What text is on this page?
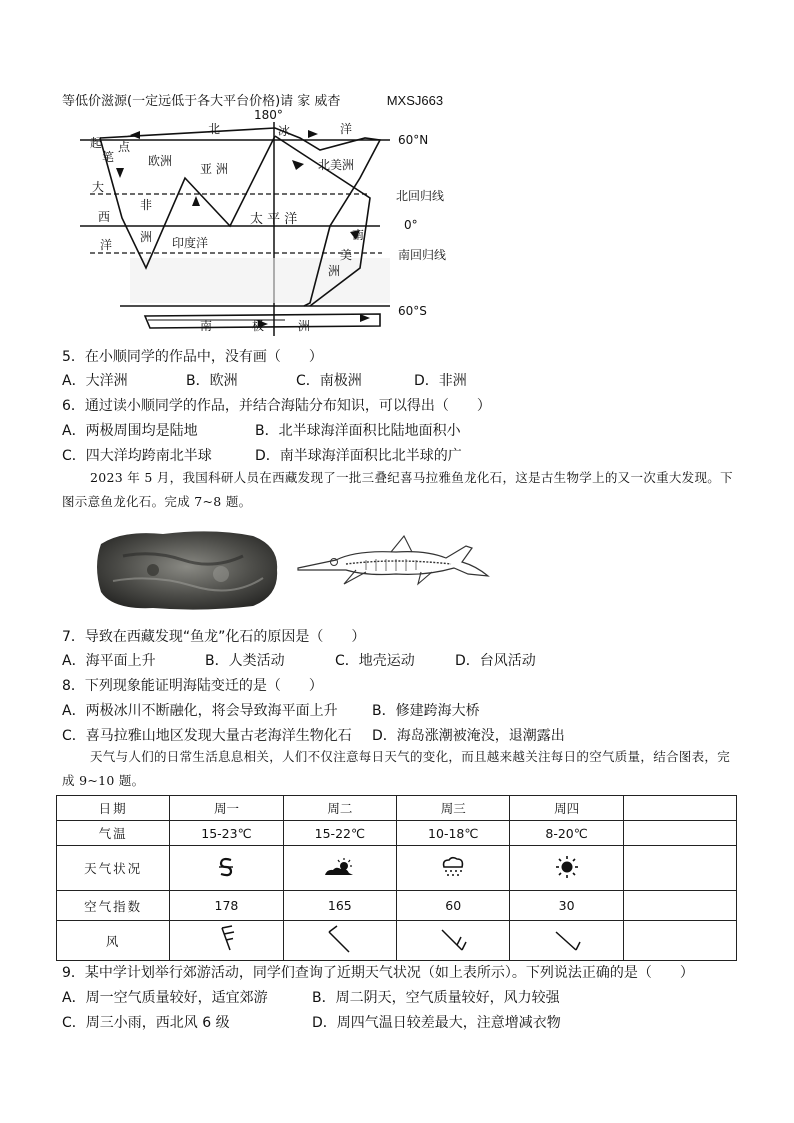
等低价滋源(一定远低于各大平台价格)请 家 威杳	MXSJ663
180°
60°N
北回归线
0°
南回归线
60°S
北	冰	洋
欧洲
亚 洲	北美洲
非
洲 印度洋
太 平 洋
南
美
洲
大
西
洋
起 点
笔
南	极	洲
5．在小顺同学的作品中，没有画（　　）
A．大洋洲	B．欧洲	C．南极洲	D．非洲
6．通过读小顺同学的作品，并结合海陆分布知识，可以得出（　　）
A．两极周围均是陆地	B．北半球海洋面积比陆地面积小
C．四大洋均跨南北半球	D．南半球海洋面积比北半球的广
2023 年 5 月，我国科研人员在西藏发现了一批三叠纪喜马拉雅鱼龙化石，这是古生物学上的又一次重大发现。下图示意鱼龙化石。完成 7~8 题。
7．导致在西藏发现“鱼龙”化石的原因是（　　）
A．海平面上升	B．人类活动	C．地壳运动	D．台风活动
8．下列现象能证明海陆变迁的是（　　）
A．两极冰川不断融化，将会导致海平面上升 B．修建跨海大桥
C．喜马拉雅山地区发现大量古老海洋生物化石 D．海岛涨潮被淹没，退潮露出
天气与人们的日常生活息息相关，人们不仅注意每日天气的变化，而且越来越关注每日的空气质量，结合图表，完成 9~10 题。
日期	周一	周二	周三	周四	
气温	15-23℃	15-22℃	10-18℃	8-20℃	
天气状况					
空气指数	178	165	60	30	
风					
9．某中学计划举行郊游活动，同学们查询了近期天气状况（如上表所示）。下列说法正确的是（　　）
A．周一空气质量较好，适宜郊游	B．周二阴天，空气质量较好，风力较强
C．周三小雨，西北风 6 级	D．周四气温日较差最大，注意增减衣物
